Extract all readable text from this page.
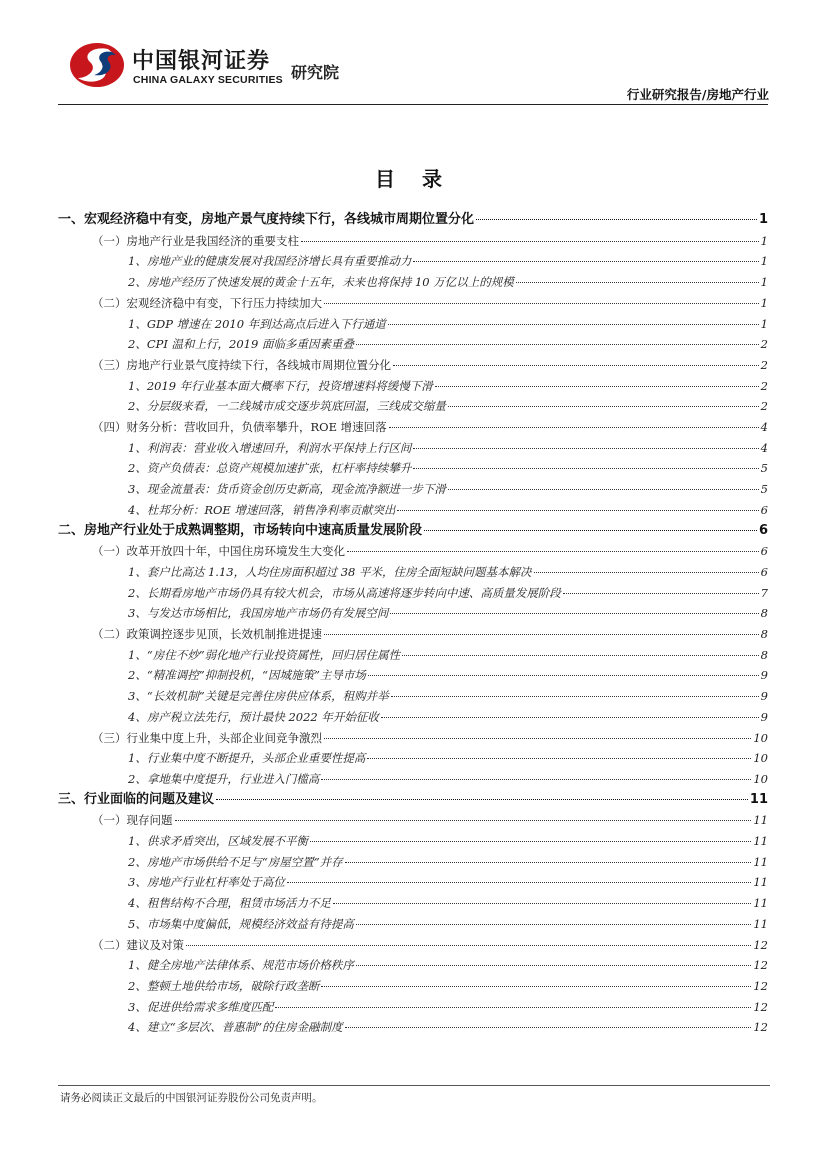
中国银河证券
CHINA GALAXY SECURITIES 研究院
行业研究报告/房地产行业
目 录
一、宏观经济稳中有变，房地产景气度持续下行，各线城市周期位置分化	1
（一）房地产行业是我国经济的重要支柱	1
1、房地产业的健康发展对我国经济增长具有重要推动力	1
2、房地产经历了快速发展的黄金十五年，未来也将保持 10 万亿以上的规模	1
（二）宏观经济稳中有变，下行压力持续加大	1
1、GDP 增速在 2010 年到达高点后进入下行通道	1
2、CPI 温和上行，2019 面临多重因素重叠	2
（三）房地产行业景气度持续下行，各线城市周期位置分化	2
1、2019 年行业基本面大概率下行，投资增速料将缓慢下滑	2
2、分层级来看，一二线城市成交逐步筑底回温，三线成交缩量	2
（四）财务分析：营收回升，负债率攀升，ROE 增速回落	4
1、利润表：营业收入增速回升，利润水平保持上行区间	4
2、资产负债表：总资产规模加速扩张，杠杆率持续攀升	5
3、现金流量表：货币资金创历史新高，现金流净额进一步下滑	5
4、杜邦分析：ROE 增速回落，销售净利率贡献突出	6
二、房地产行业处于成熟调整期，市场转向中速高质量发展阶段	6
（一）改革开放四十年，中国住房环境发生大变化	6
1、套户比高达 1.13，人均住房面积超过 38 平米，住房全面短缺问题基本解决	6
2、长期看房地产市场仍具有较大机会，市场从高速将逐步转向中速、高质量发展阶段	7
3、与发达市场相比，我国房地产市场仍有发展空间	8
（二）政策调控逐步见顶，长效机制推进提速	8
1、“房住不炒”弱化地产行业投资属性，回归居住属性	8
2、“精准调控”抑制投机，“因城施策”主导市场	9
3、“长效机制”关键是完善住房供应体系，租购并举	9
4、房产税立法先行，预计最快 2022 年开始征收	9
（三）行业集中度上升，头部企业间竞争激烈	10
1、行业集中度不断提升，头部企业重要性提高	10
2、拿地集中度提升，行业进入门槛高	10
三、行业面临的问题及建议	11
（一）现存问题	11
1、供求矛盾突出，区域发展不平衡	11
2、房地产市场供给不足与“房屋空置”并存	11
3、房地产行业杠杆率处于高位	11
4、租售结构不合理，租赁市场活力不足	11
5、市场集中度偏低，规模经济效益有待提高	11
（二）建议及对策	12
1、健全房地产法律体系、规范市场价格秩序	12
2、整顿土地供给市场，破除行政垄断	12
3、促进供给需求多维度匹配	12
4、建立“多层次、普惠制”的住房金融制度	12
请务必阅读正文最后的中国银河证券股份公司免责声明。
